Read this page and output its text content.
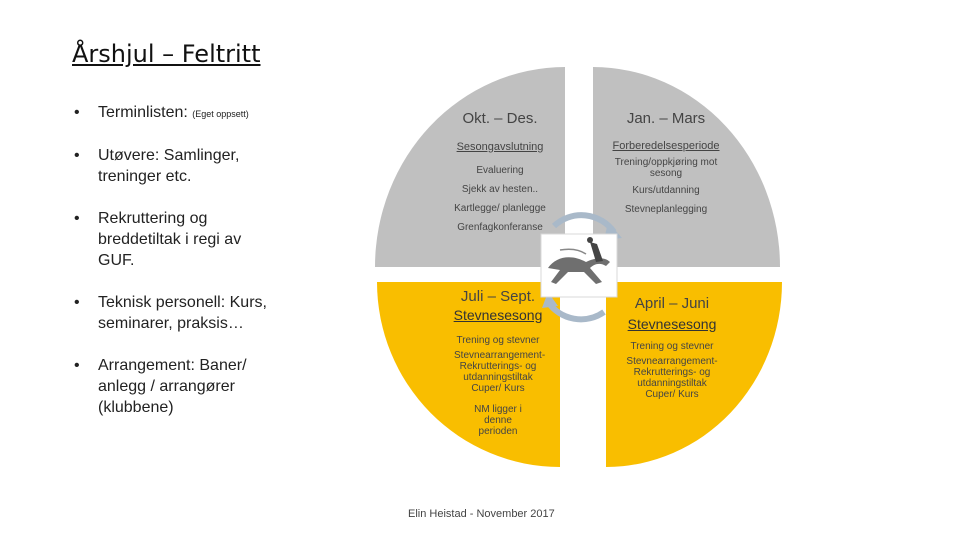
Årshjul – Feltritt
• Terminlisten: (Eget oppsett)
• Utøvere: Samlinger, treninger etc.
• Rekruttering og breddetiltak i regi av GUF.
• Teknisk personell: Kurs, seminarer, praksis…
• Arrangement: Baner/ anlegg / arrangører (klubbene)
Okt. – Des.
Sesongavslutning
Evaluering
Sjekk av hesten..
Kartlegge/ planlegge
Grenfagkonferanse
Jan. – Mars
Forberedelsesperiode
Trening/oppkjøring mot sesong
Kurs/utdanning
Stevneplanlegging
Juli – Sept.
Stevnesesong
Trening og stevner
Stevnearrangement- Rekrutterings- og utdanningstiltak Cuper/ Kurs
NM ligger i denne perioden
April – Juni
Stevnesesong
Trening og stevner
Stevnearrangement- Rekrutterings- og utdanningstiltak Cuper/ Kurs
Elin Heistad - November 2017
